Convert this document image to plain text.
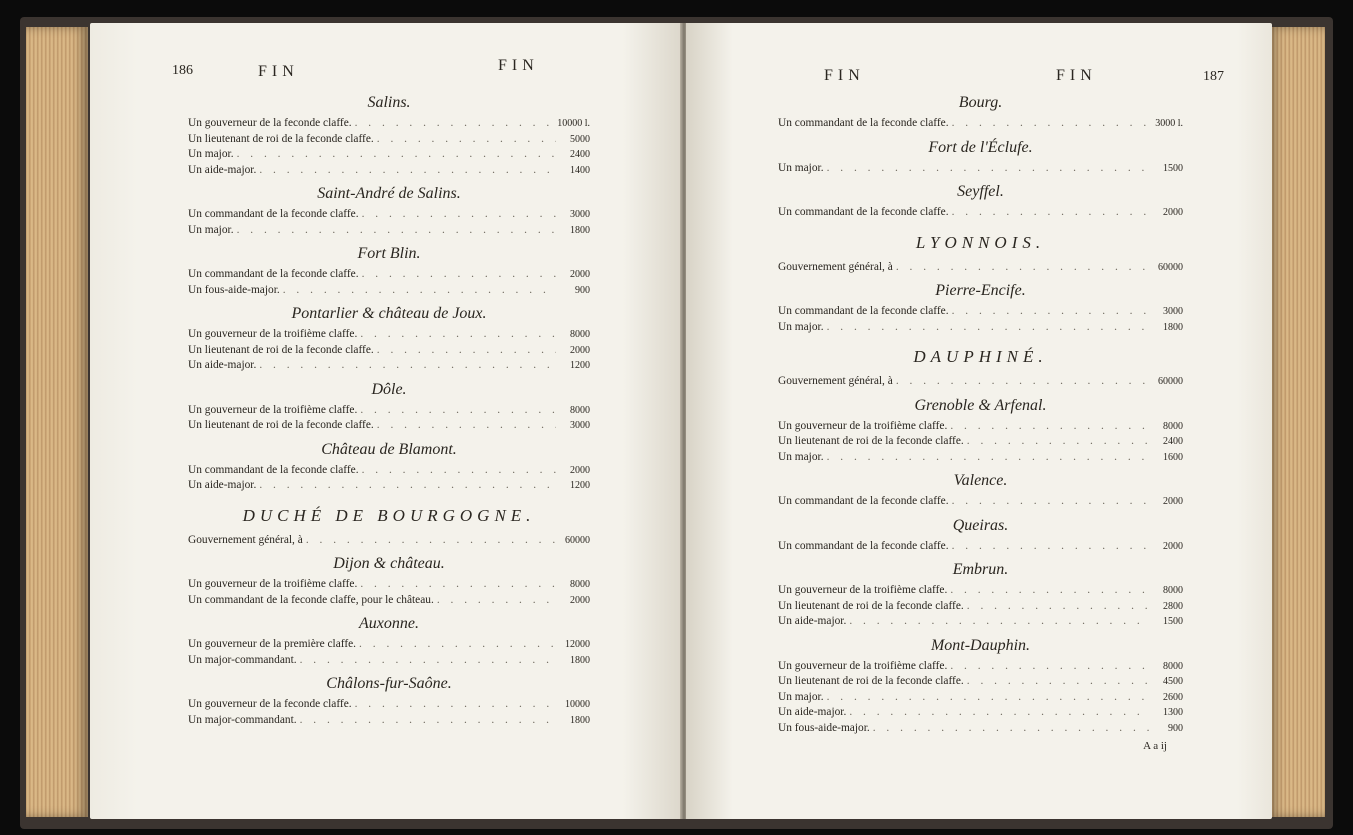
186	FIN	FIN
Salins.
Un gouverneur de la feconde claffe. . . .	10000 l.
Un lieutenant de roi de la feconde claffe. . . .	5000
Un major. . . .	2400
Un aide-major. . . .	1400
Saint-André de Salins.
Un commandant de la feconde claffe. . . .	3000
Un major. . . .	1800
Fort Blin.
Un commandant de la feconde claffe. . . .	2000
Un fous-aide-major. . . .	900
Pontarlier & château de Joux.
Un gouverneur de la troifième claffe. . . .	8000
Un lieutenant de roi de la feconde claffe. . . .	2000
Un aide-major. . . .	1200
Dôle.
Un gouverneur de la troifième claffe. . . .	8000
Un lieutenant de roi de la feconde claffe. . . .	3000
Château de Blamont.
Un commandant de la feconde claffe. . . .	2000
Un aide-major. . . .	1200
DUCHÉ DE BOURGOGNE.
Gouvernement général, à . . .	60000
Dijon & château.
Un gouverneur de la troifième claffe. . . .	8000
Un commandant de la feconde claffe, pour le château. . . .	2000
Auxonne.
Un gouverneur de la première claffe. . . .	12000
Un major-commandant. . . .	1800
Châlons-fur-Saône.
Un gouverneur de la feconde claffe. . . .	10000
Un major-commandant. . . .	1800
FIN	FIN	187
Bourg.
Un commandant de la feconde claffe. . . .	3000 l.
Fort de l'Éclufe.
Un major. . . .	1500
Seyffel.
Un commandant de la feconde claffe. . . .	2000
LYONNOIS.
Gouvernement général, à . . .	60000
Pierre-Encife.
Un commandant de la feconde claffe. . . .	3000
Un major. . . .	1800
DAUPHINÉ.
Gouvernement général, à . . .	60000
Grenoble & Arfenal.
Un gouverneur de la troifième claffe. . . .	8000
Un lieutenant de roi de la feconde claffe. . . .	2400
Un major. . . .	1600
Valence.
Un commandant de la feconde claffe. . . .	2000
Queiras.
Un commandant de la feconde claffe. . . .	2000
Embrun.
Un gouverneur de la troifième claffe. . . .	8000
Un lieutenant de roi de la feconde claffe. . . .	2800
Un aide-major. . . .	1500
Mont-Dauphin.
Un gouverneur de la troifième claffe. . . .	8000
Un lieutenant de roi de la feconde claffe. . . .	4500
Un major. . . .	2600
Un aide-major. . . .	1300
Un fous-aide-major. . . .	900
A a ij
